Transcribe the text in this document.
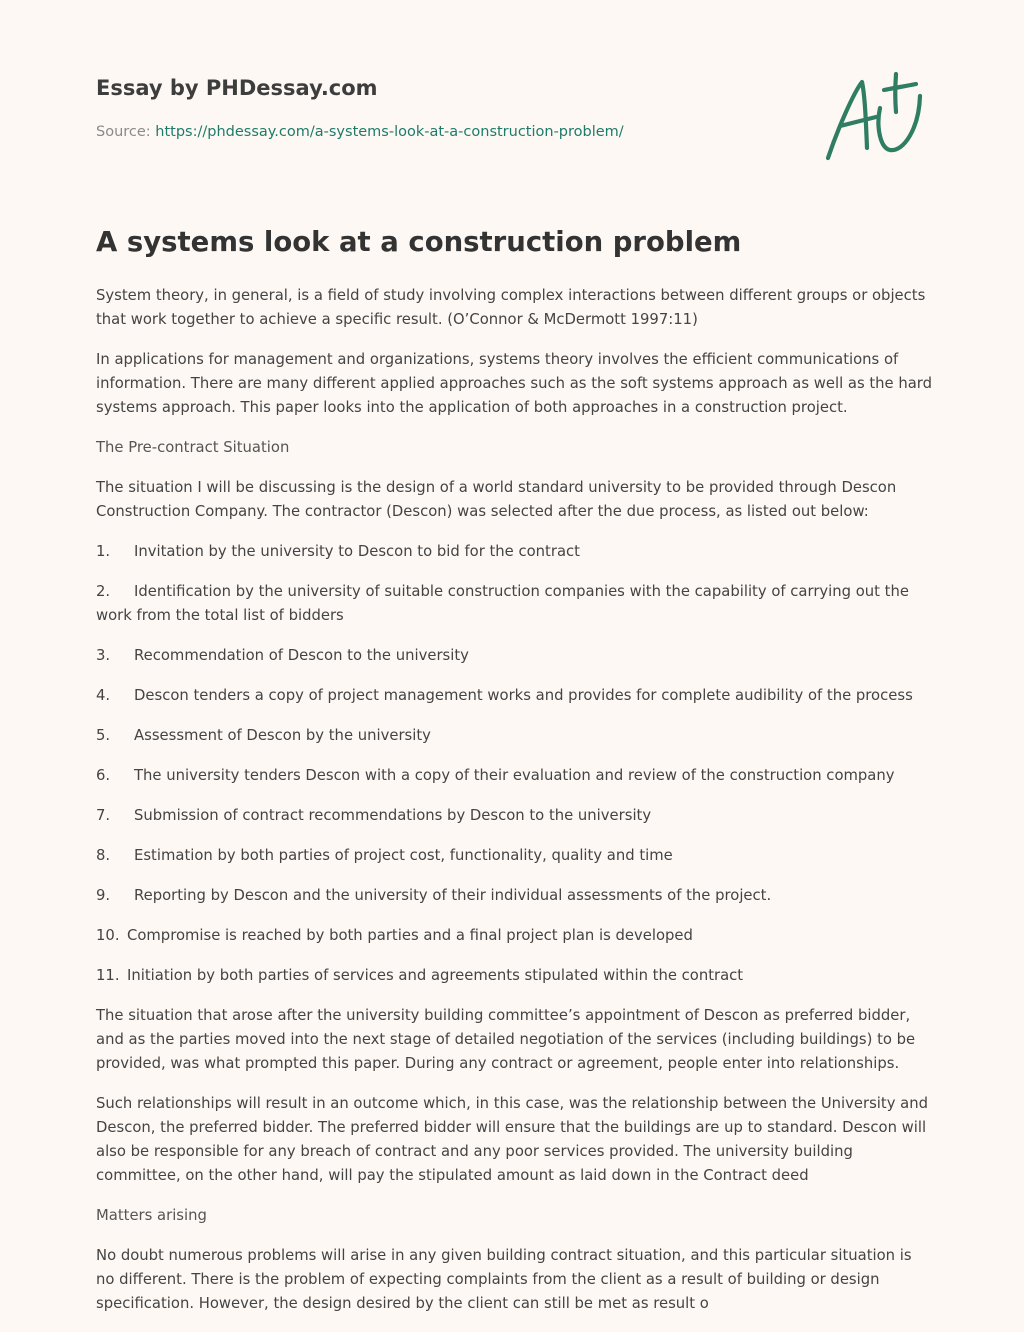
Essay by PHDessay.com
Source: https://phdessay.com/a-systems-look-at-a-construction-problem/
A systems look at a construction problem

System theory, in general, is a field of study involving complex interactions between different groups or objects that work together to achieve a specific result. (O’Connor & McDermott 1997:11)

In applications for management and organizations, systems theory involves the efficient communications of information. There are many different applied approaches such as the soft systems approach as well as the hard systems approach. This paper looks into the application of both approaches in a construction project.

The Pre-contract Situation

The situation I will be discussing is the design of a world standard university to be provided through Descon Construction Company. The contractor (Descon) was selected after the due process, as listed out below:

1. Invitation by the university to Descon to bid for the contract

2. Identification by the university of suitable construction companies with the capability of carrying out the work from the total list of bidders

3. Recommendation of Descon to the university

4. Descon tenders a copy of project management works and provides for complete audibility of the process

5. Assessment of Descon by the university

6. The university tenders Descon with a copy of their evaluation and review of the construction company

7. Submission of contract recommendations by Descon to the university

8. Estimation by both parties of project cost, functionality, quality and time

9. Reporting by Descon and the university of their individual assessments of the project.

10. Compromise is reached by both parties and a final project plan is developed

11. Initiation by both parties of services and agreements stipulated within the contract

The situation that arose after the university building committee’s appointment of Descon as preferred bidder, and as the parties moved into the next stage of detailed negotiation of the services (including buildings) to be provided, was what prompted this paper. During any contract or agreement, people enter into relationships.

Such relationships will result in an outcome which, in this case, was the relationship between the University and Descon, the preferred bidder. The preferred bidder will ensure that the buildings are up to standard. Descon will also be responsible for any breach of contract and any poor services provided. The university building committee, on the other hand, will pay the stipulated amount as laid down in the Contract deed

Matters arising

No doubt numerous problems will arise in any given building contract situation, and this particular situation is no different. There is the problem of expecting complaints from the client as a result of building or design specification. However, the design desired by the client can still be met as result o
